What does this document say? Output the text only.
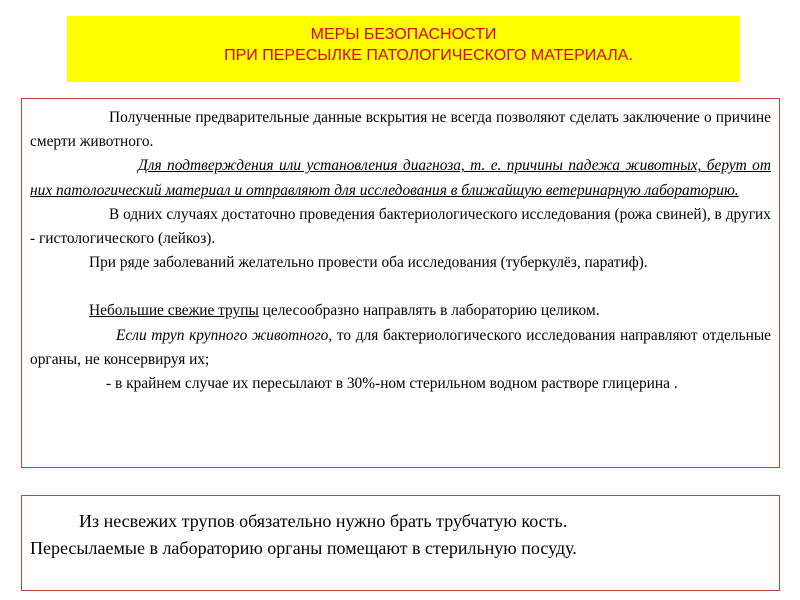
МЕРЫ БЕЗОПАСНОСТИ
ПРИ ПЕРЕСЫЛКЕ ПАТОЛОГИЧЕСКОГО МАТЕРИАЛА.

Полученные предварительные данные вскрытия не всегда позволяют сделать заключение о причине смерти животного.

Для подтверждения или установления диагноза, т. е. причины падежа животных, берут от них патологический материал и отправляют для исследования в ближайшую ветеринарную лабораторию.

В одних случаях достаточно проведения бактериологического исследования (рожа свиней), в других - гистологического (лейкоз).

При ряде заболеваний желательно провести оба исследования (туберкулёз, паратиф).

Небольшие свежие трупы целесообразно направлять в лабораторию целиком.

Если труп крупного животного, то для бактериологического исследования направляют отдельные органы, не консервируя их;

- в крайнем случае их пересылают в 30%-ном стерильном водном растворе глицерина .

Из несвежих трупов обязательно нужно брать трубчатую кость.

Пересылаемые в лабораторию органы помещают в стерильную посуду.
